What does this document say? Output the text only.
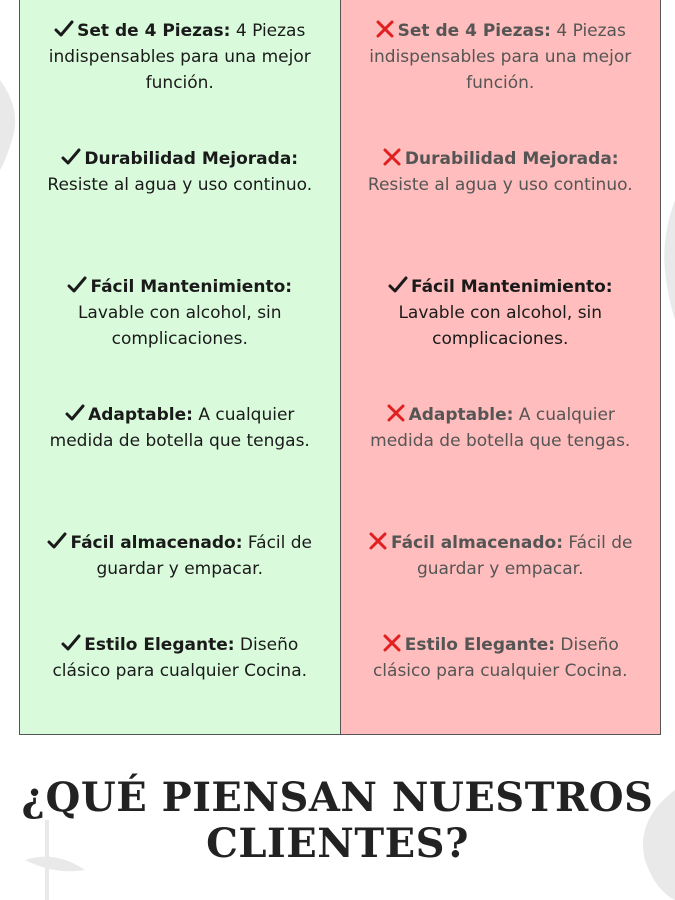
Set de 4 Piezas: 4 Piezas indispensables para una mejor función.
Durabilidad Mejorada: Resiste al agua y uso continuo.
Fácil Mantenimiento: Lavable con alcohol, sin complicaciones.
Adaptable: A cualquier medida de botella que tengas.
Fácil almacenado: Fácil de guardar y empacar.
Estilo Elegante: Diseño clásico para cualquier Cocina.
Set de 4 Piezas: 4 Piezas indispensables para una mejor función.
Durabilidad Mejorada: Resiste al agua y uso continuo.
Fácil Mantenimiento: Lavable con alcohol, sin complicaciones.
Adaptable: A cualquier medida de botella que tengas.
Fácil almacenado: Fácil de guardar y empacar.
Estilo Elegante: Diseño clásico para cualquier Cocina.
¿QUÉ PIENSAN NUESTROS CLIENTES?
